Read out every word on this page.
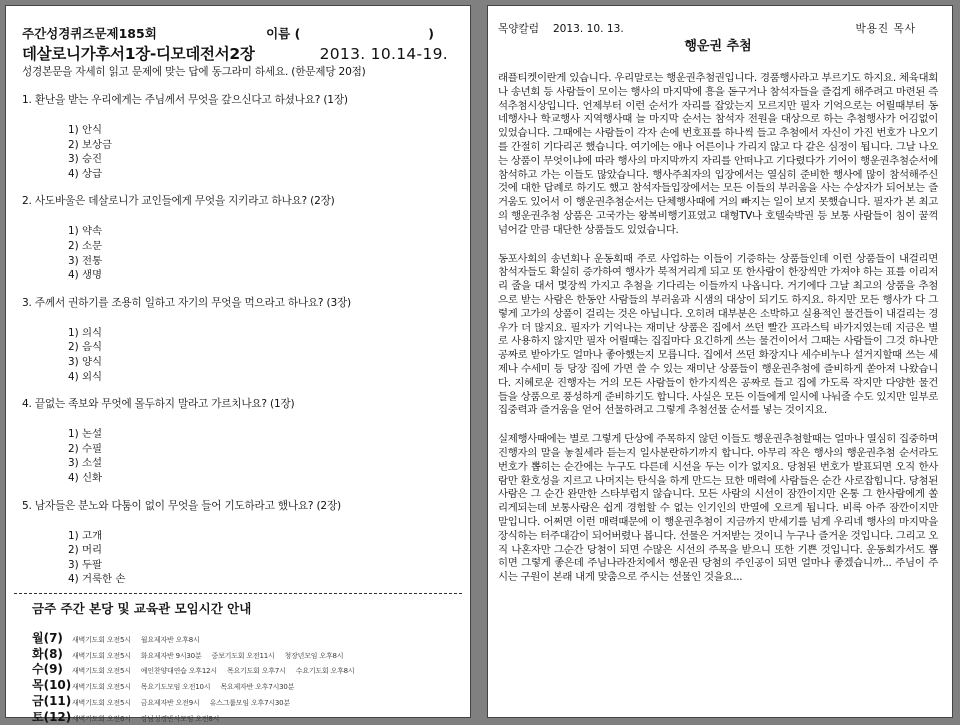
주간성경퀴즈문제185회	이름 (	)
데살로니가후서1장-디모데전서2장	2013. 10.14-19.
성경본문을 자세히 읽고 문제에 맞는 답에 동그라미 하세요. (한문제당 20점)
1. 환난을 받는 우리에게는 주님께서 무엇을 갚으신다고 하셨나요? (1장)
1) 안식
2) 보상금
3) 승진
4) 상급
2. 사도바울은 데살로니가 교인들에게 무엇을 지키라고 하나요? (2장)
1) 약속
2) 소문
3) 전통
4) 생명
3. 주께서 권하기를 조용히 일하고 자기의 무엇을 먹으라고 하나요? (3장)
1) 의식
2) 음식
3) 양식
4) 외식
4. 끝없는 족보와 무엇에 몰두하지 말라고 가르치나요? (1장)
1) 논설
2) 수필
3) 소설
4) 신화
5. 남자들은 분노와 다툼이 없이 무엇을 들어 기도하라고 했나요? (2장)
1) 고개
2) 머리
3) 두팔
4) 거룩한 손
금주 주간 본당 및 교육관 모임시간 안내
월(7)	새벽기도회 오전5시 월요제자반 오후8시
화(8)	새벽기도회 오전5시 화요제자반 9시30분 중보기도회 오전11시 청장년모임 오후8시
수(9)	새벽기도회 오전5시 예인찬양대연습 오후12시 목요기도회 오후7시 수요기도회 오후8시
목(10) 새벽기도회 오전5시 목요기도모임 오전10시 목요제자반 오후7시30분
금(11) 새벽기도회 오전5시 금요제자반 오전9시 유스그룹모임 오후7시30분
토(12) 새벽기도회 오전6시 강남성경반사모임 오전8시
목양칼럼 2013. 10. 13.	박용진 목사
행운권 추첨
래플티켓이란게 있습니다. 우리말로는 행운권추첨권입니다. 경품행사라고 부르기도 하지요. 체육대회나 송년회 등 사람들이 모이는 행사의 마지막에 흥을 돋구거나 참석자들을 즐겁게 해주려고 마련된 즉석추첨시상입니다. 언제부터 이런 순서가 자리를 잡았는지 모르지만 필자 기억으로는 어릴때부터 동네행사나 학교행사 지역행사때 늘 마지막 순서는 참석자 전원을 대상으로 하는 추첨행사가 어김없이 있었습니다. 그때에는 사람들이 각자 손에 번호표를 하나씩 들고 추첨에서 자신이 가진 번호가 나오기를 간절히 기다리곤 했습니다. 여기에는 애나 어른이나 가리지 않고 다 같은 심정이 됩니다. 그날 나오는 상품이 무엇이냐에 따라 행사의 마지막까지 자리를 안떠나고 기다렸다가 기어이 행운권추첨순서에 참석하고 가는 이들도 많았습니다. 행사주최자의 입장에서는 열심히 준비한 행사에 많이 참석해주신 것에 대한 답례로 하기도 했고 참석자들입장에서는 모든 이들의 부러움을 사는 수상자가 되어보는 즐거움도 있어서 이 행운권추첨순서는 단체행사때에 거의 빠지는 일이 보지 못했습니다. 필자가 본 최고의 행운권추첨 상품은 고국가는 왕복비행기표였고 대형TV나 호텔숙박권 등 보통 사람들이 침이 꿀꺽 넘어갈 만큼 대단한 상품들도 있었습니다.
동포사회의 송년회나 운동회때 주로 사업하는 이들이 기증하는 상품들인데 이런 상품들이 내걸리면 참석자들도 확실히 증가하여 행사가 북적거리게 되고 또 한사람이 한장씩만 가져야 하는 표를 이리저리 줄을 대서 몇장씩 가지고 추첨을 기다리는 이들까지 나옵니다. 거기에다 그날 최고의 상품을 추첨으로 받는 사람은 한동안 사람들의 부러움과 시샘의 대상이 되기도 하지요. 하지만 모든 행사가 다 그렇게 고가의 상품이 걸리는 것은 아닙니다. 오히려 대부분은 소박하고 실용적인 물건들이 내걸리는 경우가 더 많지요. 필자가 기억나는 재미난 상품은 집에서 쓰던 빨간 프라스틱 바가지였는데 지금은 별로 사용하지 않지만 필자 어릴때는 집집마다 요긴하게 쓰는 물건이어서 그때는 사람들이 그것 하나만 공짜로 받아가도 얼마나 좋아했는지 모릅니다. 집에서 쓰던 화장지나 세수비누나 설거지할때 쓰는 세제나 수세미 등 당장 집에 가면 쓸 수 있는 재미난 상품들이 행운권추첨에 즐비하게 쏟아져 나왔습니다. 지혜로운 진행자는 거의 모든 사람들이 한가지씩은 공짜로 들고 집에 가도록 작지만 다양한 물건들을 상품으로 풍성하게 준비하기도 합니다. 사실은 모든 이들에게 일시에 나눠줄 수도 있지만 일부로 집중력과 즐거움을 얻어 선물하려고 그렇게 추첨선물 순서를 넣는 것이지요.
실제행사때에는 별로 그렇게 단상에 주목하지 않던 이들도 행운권추첨할때는 얼마나 열심히 집중하며 진행자의 말을 놓칠세라 듣는지 일사분란하기까지 합니다. 아무리 작은 행사의 행운권추첨 순서라도 번호가 뽑히는 순간에는 누구도 다른데 시선을 두는 이가 없지요. 당첨된 번호가 발표되면 오직 한사람만 환호성을 지르고 나머지는 탄식을 하게 만드는 묘한 매력에 사람들은 순간 사로잡힙니다. 당첨된 사람은 그 순간 완만한 스타부럽지 않습니다. 모든 사람의 시선이 잠깐이지만 온통 그 한사람에게 쏠리게되는데 보통사람은 쉽게 경험할 수 없는 인기인의 반열에 오르게 됩니다. 비록 아주 잠깐이지만 말입니다. 어쩌면 이런 매력때문에 이 행운권추첨이 지금까지 반세기를 넘게 우리네 행사의 마지막을 장식하는 터주대감이 되어버렸나 봅니다. 선물은 거저받는 것이니 누구나 즐거운 것입니다. 그리고 오직 나혼자만 그순간 당첨이 되면 수많은 시선의 주목을 받으니 또한 기쁜 것입니다. 운동회가서도 뽑히면 그렇게 좋은데 주님나라잔치에서 행운권 당첨의 주인공이 되면 얼마나 좋겠습니까... 주님이 주시는 구원이 본래 내게 맞춤으로 주시는 선물인 것을요...
